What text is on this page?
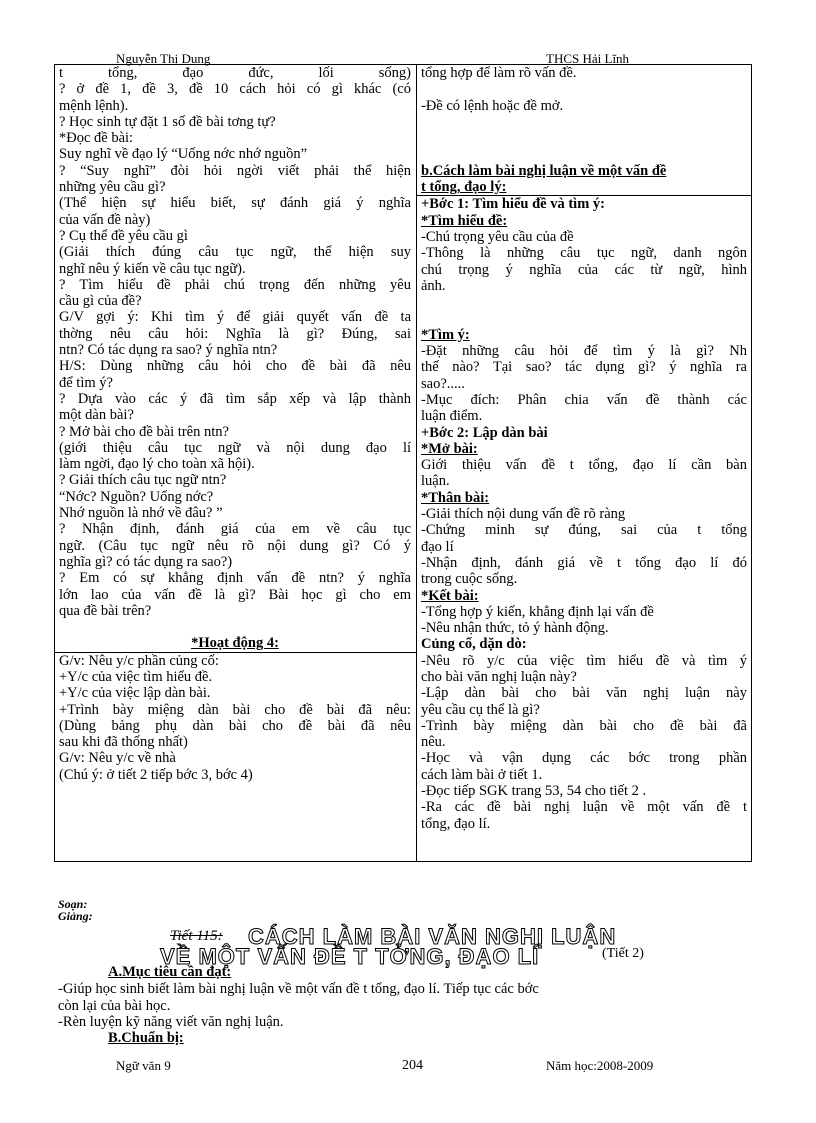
Nguyễn Thị Dung	THCS Hải Lĩnh
t tổng, đạo đức, lối sống)
? ở đề 1, đề 3, đề 10 cách hỏi có gì khác (có
mệnh lệnh).
? Học sinh tự đặt 1 số đề bài tơng tự?
*Đọc đề bài:
Suy nghĩ về đạo lý “Uống nớc nhớ nguồn”
? “Suy nghĩ” đòi hỏi ngời viết phải thể hiện
những yêu cầu gì?
(Thể hiện sự hiểu biết, sự đánh giá ý nghĩa
của vấn đề này)
? Cụ thể đề yêu cầu gì
(Giải thích đúng câu tục ngữ, thể hiện suy
nghĩ nêu ý kiến về câu tục ngữ).
? Tìm hiểu đề phải chú trọng đến những yêu
cầu gì của đề?
G/V gợi ý: Khi tìm ý để giải quyết vấn đề ta
thờng nêu câu hỏi: Nghĩa là gì? Đúng, sai
ntn? Có tác dụng ra sao? ý nghĩa ntn?
H/S: Dùng những câu hỏi cho đề bài đã nêu
để tìm ý?
? Dựa vào các ý đã tìm sắp xếp và lập thành
một dàn bài?
? Mở bài cho đề bài trên ntn?
(giới thiệu câu tục ngữ và nội dung đạo lí
làm ngời, đạo lý cho toàn xã hội).
? Giải thích câu tục ngữ ntn?
“Nớc? Nguồn? Uống nớc?
Nhớ nguồn là nhớ về đâu? ”
? Nhận định, đánh giá của em về câu tục
ngữ. (Câu tục ngữ nêu rõ nội dung gì? Có ý
nghĩa gì? có tác dụng ra sao?)
? Em có sự khẳng định vấn đề ntn? ý nghĩa
lớn lao của vấn đề là gì? Bài học gì cho em
qua đề bài trên?
*Hoạt động 4:
G/v: Nêu y/c phần củng cố:
+Y/c của việc tìm hiểu đề.
+Y/c của việc lập dàn bài.
+Trình bày miệng dàn bài cho đề bài đã nêu:
(Dùng bảng phụ dàn bài cho đề bài đã nêu
sau khi đã thống nhất)
G/v: Nêu y/c về nhà
(Chú ý: ở tiết 2 tiếp bớc 3, bớc 4)
tổng hợp để làm rõ vấn đề.
-Đề có lệnh hoặc đề mở.
b.Cách làm bài nghị luận về một vấn đề
t tổng, đạo lý:
+Bớc 1: Tìm hiểu đề và tìm ý:
*Tìm hiểu đề:
-Chú trọng yêu cầu của đề
-Thông là những câu tục ngữ, danh ngôn
chú trọng ý nghĩa của các từ ngữ, hình
ảnh.
*Tìm ý:
-Đặt những câu hỏi để tìm ý là gì? Nh
thế nào? Tại sao? tác dụng gì? ý nghĩa ra
sao?.....
-Mục đích: Phân chia vấn đề thành các
luận điểm.
+Bớc 2: Lập dàn bài
*Mở bài:
Giới thiệu vấn đề t tổng, đạo lí cần bàn
luận.
*Thân bài:
-Giải thích nội dung vấn đề rõ ràng
-Chứng minh sự đúng, sai của t tổng
đạo lí
-Nhận định, đánh giá về t tổng đạo lí đó
trong cuộc sống.
*Kết bài:
-Tổng hợp ý kiến, khẳng định lại vấn đề
-Nêu nhận thức, tỏ ý hành động.
Củng cố, dặn dò:
-Nêu rõ y/c của việc tìm hiểu đề và tìm ý
cho bài văn nghị luận này?
-Lập dàn bài cho bài văn nghị luận này
yêu cầu cụ thể là gì?
-Trình bày miệng dàn bài cho đề bài đã
nêu.
-Học và vận dụng các bớc trong phần
cách làm bài ở tiết 1.
-Đọc tiếp SGK trang 53, 54 cho tiết 2 .
-Ra các đề bài nghị luận về một vấn đề t
tổng, đạo lí.
Soạn:
Giảng:
Tiết 115: CÁCH LÀM BÀI VĂN NGHỊ LUẬN
VỀ MỘT VẤN ĐỀ T TỞNG, ĐẠO LÍ	(Tiết 2)
A.Mục tiêu cần đạt:
-Giúp học sinh biết làm bài nghị luận về một vấn đề t tổng, đạo lí. Tiếp tục các bớc
còn lại của bài học.
-Rèn luyện kỹ năng viết văn nghị luận.
B.Chuẩn bị:
Ngữ văn 9	204	Năm học:2008-2009
